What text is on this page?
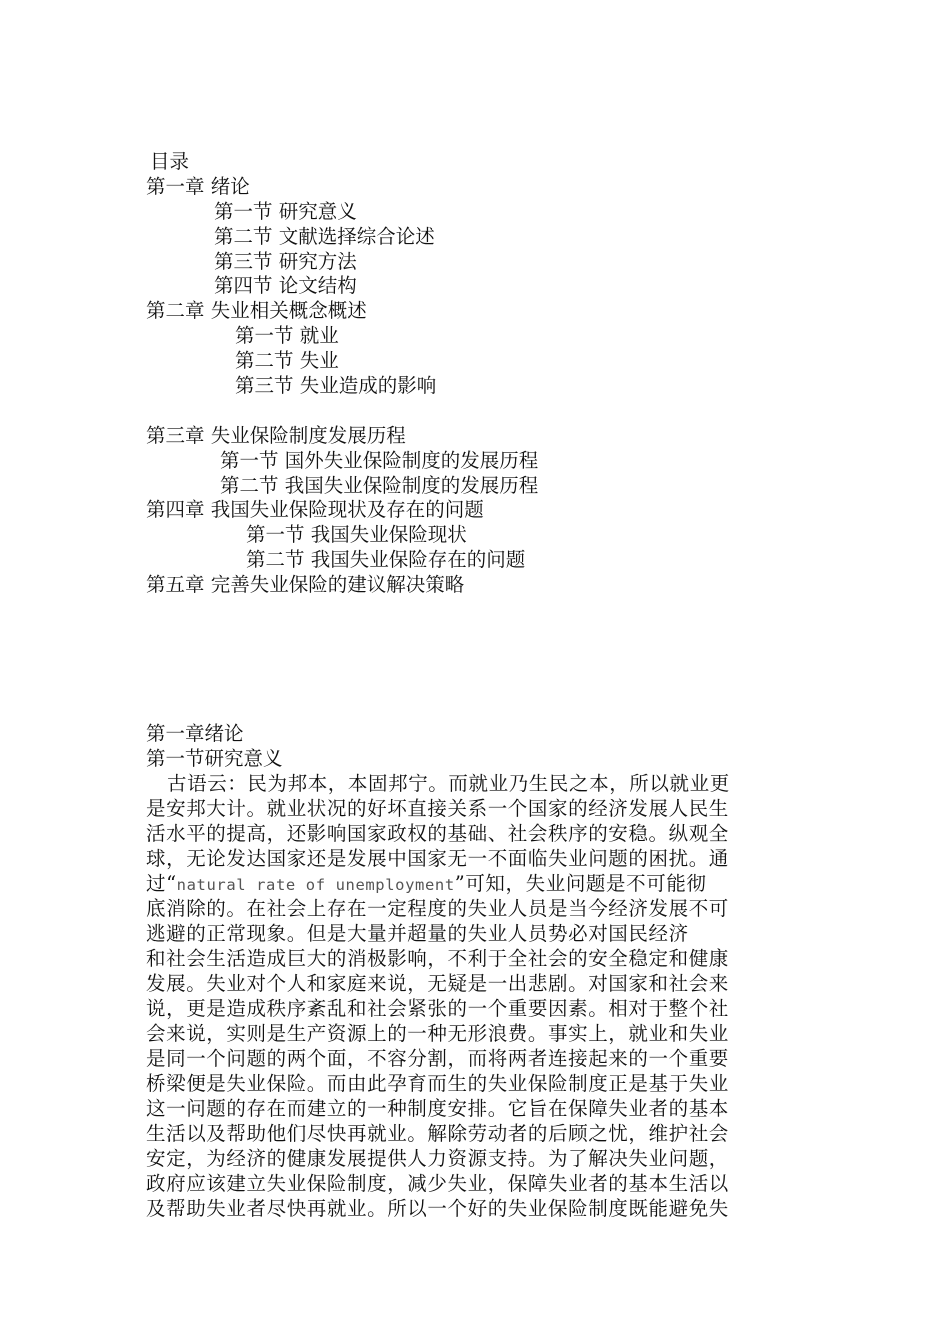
目录
第一章 绪论
第一节 研究意义
第二节 文献选择综合论述
第三节 研究方法
第四节 论文结构
第二章 失业相关概念概述
第一节 就业
第二节 失业
第三节 失业造成的影响
第三章 失业保险制度发展历程
第一节 国外失业保险制度的发展历程
第二节 我国失业保险制度的发展历程
第四章 我国失业保险现状及存在的问题
第一节 我国失业保险现状
第二节 我国失业保险存在的问题
第五章 完善失业保险的建议解决策略
第一章绪论
第一节研究意义
古语云：民为邦本，本固邦宁。而就业乃生民之本，所以就业更
是安邦大计。就业状况的好坏直接关系一个国家的经济发展人民生
活水平的提高，还影响国家政权的基础、社会秩序的安稳。纵观全
球，无论发达国家还是发展中国家无一不面临失业问题的困扰。通
过“natural rate of unemployment”可知，失业问题是不可能彻
底消除的。在社会上存在一定程度的失业人员是当今经济发展不可
逃避的正常现象。但是大量并超量的失业人员势必对国民经济
和社会生活造成巨大的消极影响，不利于全社会的安全稳定和健康
发展。失业对个人和家庭来说，无疑是一出悲剧。对国家和社会来
说，更是造成秩序紊乱和社会紧张的一个重要因素。相对于整个社
会来说，实则是生产资源上的一种无形浪费。事实上，就业和失业
是同一个问题的两个面，不容分割，而将两者连接起来的一个重要
桥梁便是失业保险。而由此孕育而生的失业保险制度正是基于失业
这一问题的存在而建立的一种制度安排。它旨在保障失业者的基本
生活以及帮助他们尽快再就业。解除劳动者的后顾之忧，维护社会
安定，为经济的健康发展提供人力资源支持。为了解决失业问题，
政府应该建立失业保险制度，减少失业，保障失业者的基本生活以
及帮助失业者尽快再就业。所以一个好的失业保险制度既能避免失
